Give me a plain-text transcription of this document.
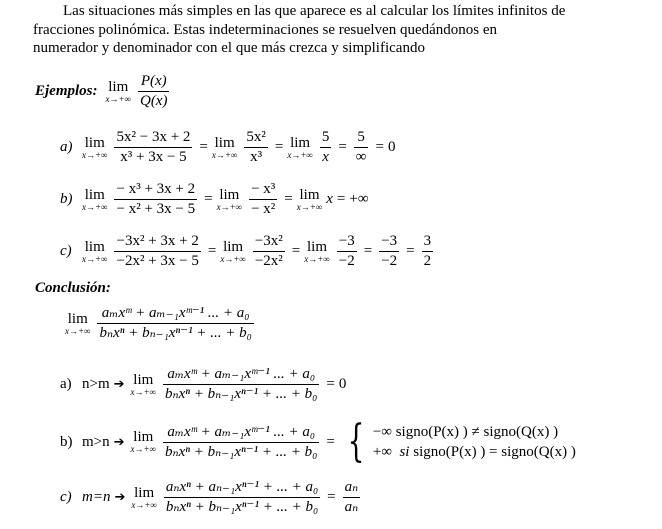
Las situaciones más simples en las que aparece es al calcular los límites infinitos de
fracciones polinómica. Estas indeterminaciones se resuelven quedándonos en
numerador y denominador con el que más crezca y simplificando
Ejemplos: lim
$x\to+\infty \frac{P(x)}{Q(x)}$
a) lim
$x\to+\infty \frac{\text{5x² − 3x + 2}}{\text{x³ + 3x − 5}} = \lim$
$x\to+\infty \frac{\text{5x²}}{\text{x³}} = \lim$
$x\to+\infty \frac{5}{x} = \frac{5}{\infty} = 0$
b) lim
$x\to+\infty \frac{\text{− x³ + 3x + 2}}{\text{− x² + 3x − 5}} = \lim$
$x\to+\infty \frac{\text{− x³}}{\text{− x²}} = \lim$
x→+∞ x = +∞
c) lim
$x\to+\infty \frac{\text{−3x² + 3x + 2}}{\text{−2x² + 3x − 5}} = \lim$
$x\to+\infty \frac{\text{−3x²}}{\text{−2x²}} = \lim$
$x\to+\infty \frac{-3}{-2} = \frac{-3}{-2} = \frac{3}{2}$
Conclusión:
lim
$x\to+\infty \frac{\text{aₘxᵐ + aₘ₋₁xᵐ⁻¹ ... + a₀}}{\text{bₙxⁿ + bₙ₋₁xⁿ⁻¹ + ... + b₀}}$
a) n>m ➔ lim
$x\to+\infty \frac{\text{aₘxᵐ + aₘ₋₁xᵐ⁻¹ ... + a₀}}{\text{bₙxⁿ + bₙ₋₁xⁿ⁻¹ + ... + b₀}} = 0$
b) m>n ➔ lim
$x\to+\infty \frac{\text{aₘxᵐ + aₘ₋₁xᵐ⁻¹ ... + a₀}}{\text{bₙxⁿ + bₙ₋₁xⁿ⁻¹ + ... + b₀}}$ = { −∞ signo(P(x) ) ≠ signo(Q(x) )
+∞ si signo(P(x) ) = signo(Q(x) )
c) m=n ➔ lim
$x\to+\infty \frac{\text{aₙxⁿ + aₙ₋₁xⁿ⁻¹ + ... + a₀}}{\text{bₙxⁿ + bₙ₋₁xⁿ⁻¹ + ... + b₀}} = \frac{\text{aₙ}}{\text{aₙ}}$
